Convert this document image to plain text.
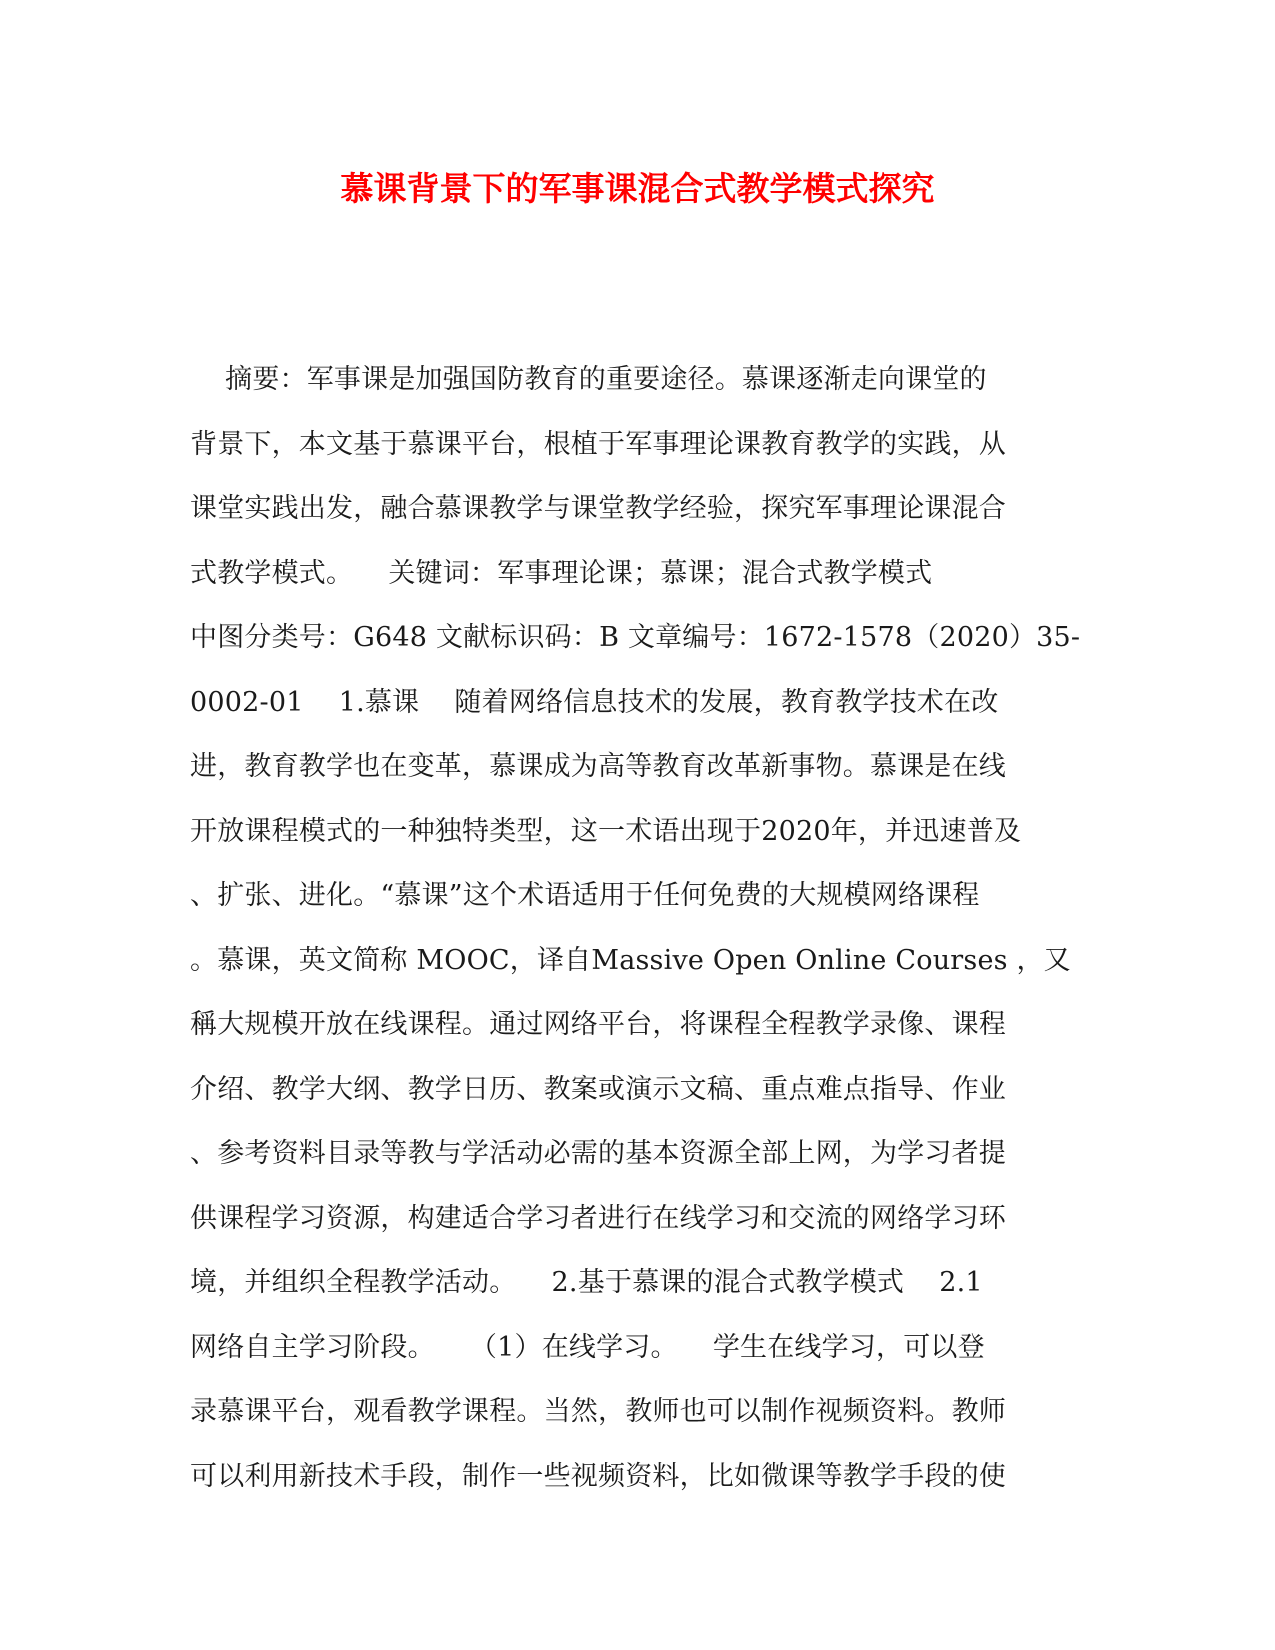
慕课背景下的军事课混合式教学模式探究
摘要：军事课是加强国防教育的重要途径。慕课逐渐走向课堂的
背景下，本文基于慕课平台，根植于军事理论课教育教学的实践，从
课堂实践出发，融合慕课教学与课堂教学经验，探究军事理论课混合
式教学模式。    关键词：军事理论课；慕课；混合式教学模式
中图分类号：G648 文献标识码：B 文章编号：1672-1578（2020）35-
0002-01    1.慕课    随着网络信息技术的发展，教育教学技术在改
进，教育教学也在变革，慕课成为高等教育改革新事物。慕课是在线
开放课程模式的一种独特类型，这一术语出现于2020年，并迅速普及
、扩张、进化。“慕课”这个术语适用于任何免费的大规模网络课程
。慕课，英文简称 MOOC，译自Massive Open Online Courses ，又
稱大规模开放在线课程。通过网络平台，将课程全程教学录像、课程
介绍、教学大纲、教学日历、教案或演示文稿、重点难点指导、作业
、参考资料目录等教与学活动必需的基本资源全部上网，为学习者提
供课程学习资源，构建适合学习者进行在线学习和交流的网络学习环
境，并组织全程教学活动。    2.基于慕课的混合式教学模式    2.1
网络自主学习阶段。    （1）在线学习。    学生在线学习，可以登
录慕课平台，观看教学课程。当然，教师也可以制作视频资料。教师
可以利用新技术手段，制作一些视频资料，比如微课等教学手段的使
